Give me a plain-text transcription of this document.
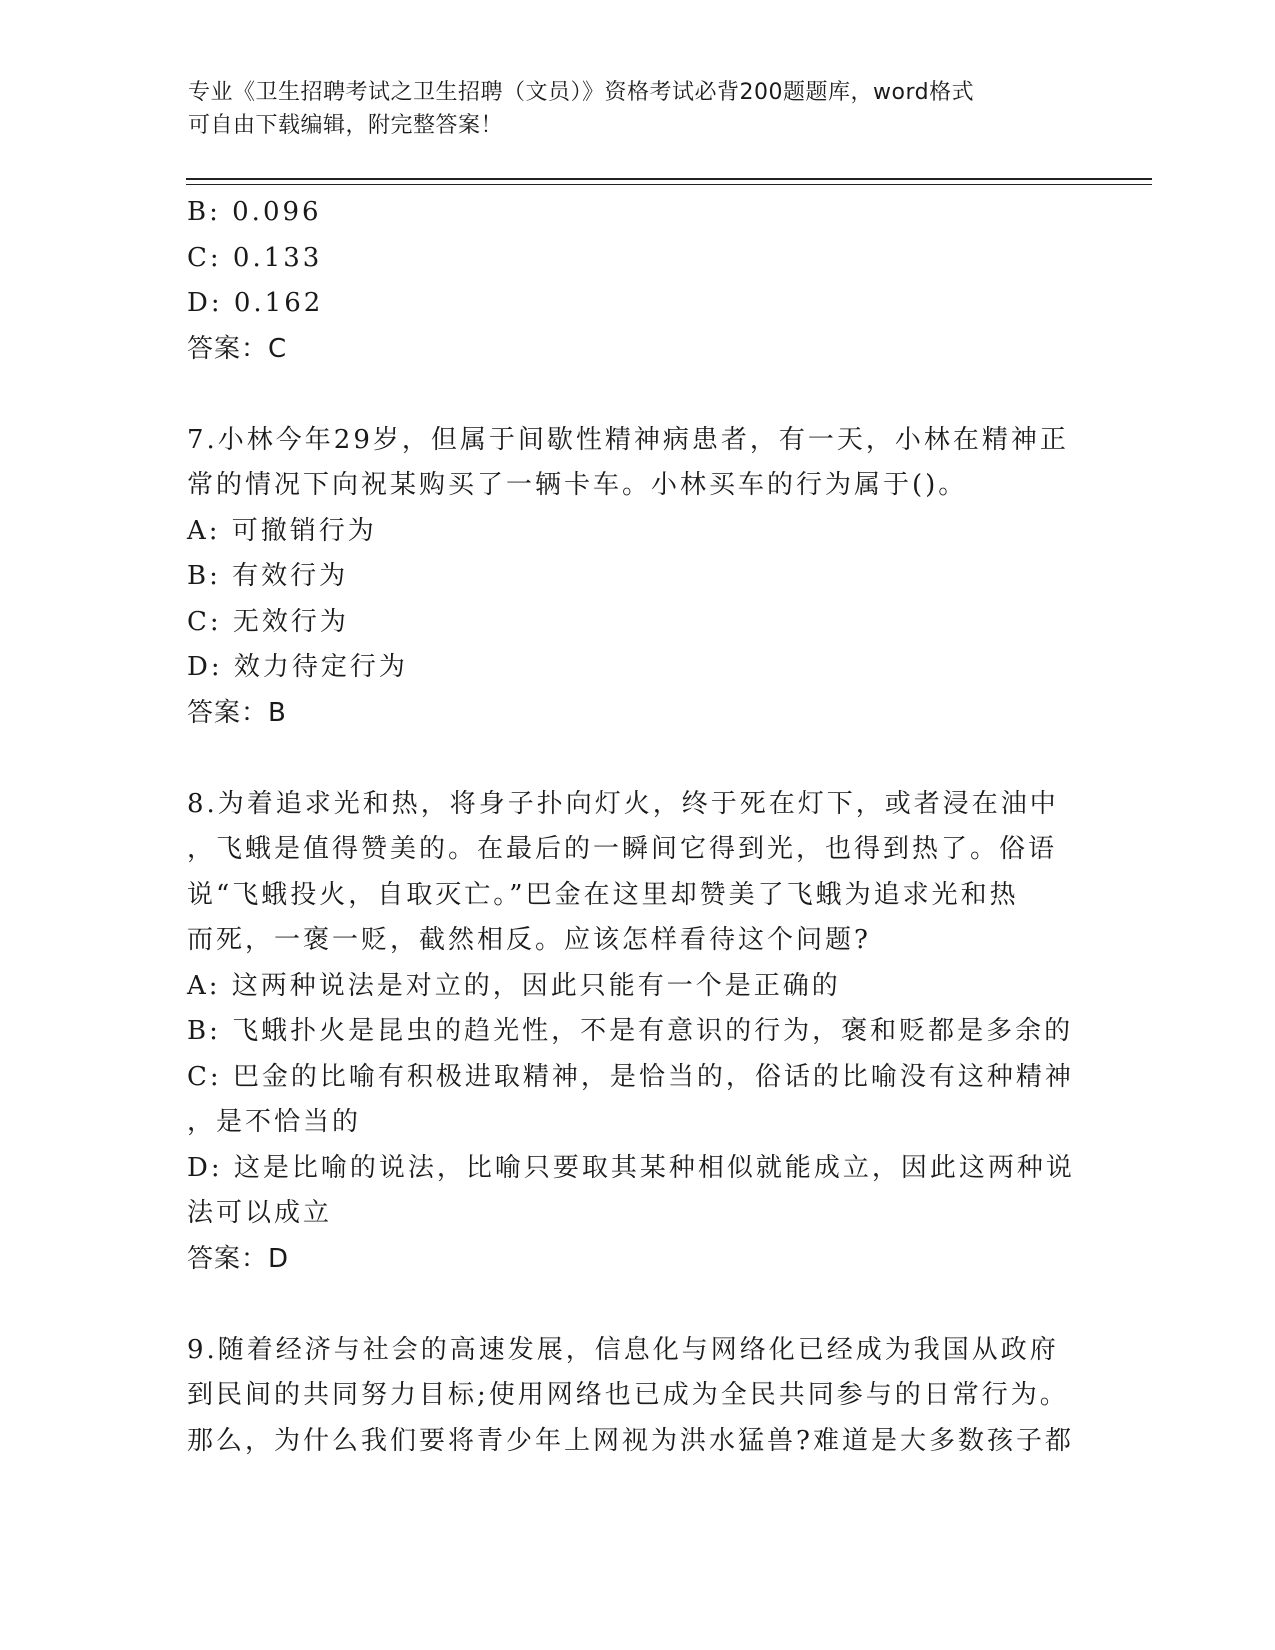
专业《卫生招聘考试之卫生招聘（文员）》资格考试必背200题题库，word格式
可自由下载编辑，附完整答案！
B: 0.096
C: 0.133
D: 0.162
答案：C
7.小林今年29岁，但属于间歇性精神病患者，有一天，小林在精神正
常的情况下向祝某购买了一辆卡车。小林买车的行为属于()。
A: 可撤销行为
B: 有效行为
C: 无效行为
D: 效力待定行为
答案：B
8.为着追求光和热，将身子扑向灯火，终于死在灯下，或者浸在油中
，飞蛾是值得赞美的。在最后的一瞬间它得到光，也得到热了。俗语
说“飞蛾投火，自取灭亡。”巴金在这里却赞美了飞蛾为追求光和热
而死，一褒一贬，截然相反。应该怎样看待这个问题?
A: 这两种说法是对立的，因此只能有一个是正确的
B: 飞蛾扑火是昆虫的趋光性，不是有意识的行为，褒和贬都是多余的
C: 巴金的比喻有积极进取精神，是恰当的，俗话的比喻没有这种精神
，是不恰当的
D: 这是比喻的说法，比喻只要取其某种相似就能成立，因此这两种说
法可以成立
答案：D
9.随着经济与社会的高速发展，信息化与网络化已经成为我国从政府
到民间的共同努力目标;使用网络也已成为全民共同参与的日常行为。
那么，为什么我们要将青少年上网视为洪水猛兽?难道是大多数孩子都
